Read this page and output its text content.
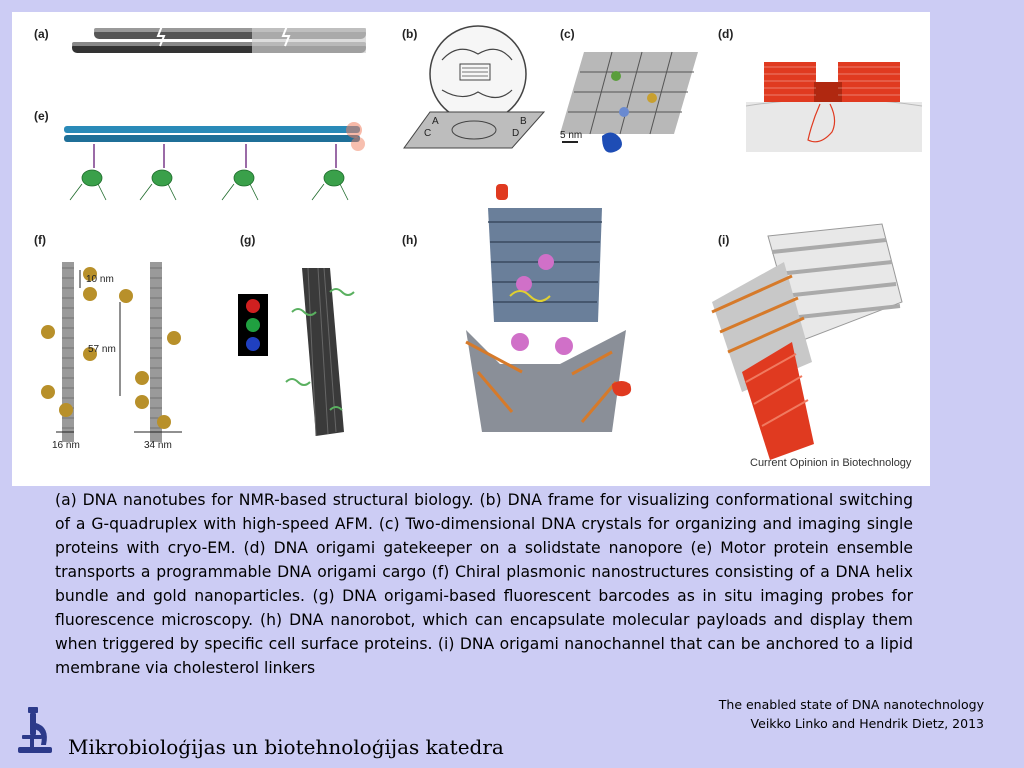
(a)	(b)	(c)	(d)
(e)
(f)	(g)	(h)	(i)
A	B
C	D	5 nm
10 nm
57 nm
16 nm	34 nm
Current Opinion in Biotechnology
(a) DNA nanotubes for NMR-based structural biology. (b) DNA frame for visualizing conformational switching of a G-quadruplex with high-speed AFM. (c) Two-dimensional DNA crystals for organizing and imaging single proteins with cryo-EM. (d) DNA origami gatekeeper on a solidstate nanopore (e) Motor protein ensemble transports a programmable DNA origami cargo (f) Chiral plasmonic nanostructures consisting of a DNA helix bundle and gold nanoparticles. (g) DNA origami-based fluorescent barcodes as in situ imaging probes for fluorescence microscopy. (h) DNA nanorobot, which can encapsulate molecular payloads and display them when triggered by specific cell surface proteins. (i) DNA origami nanochannel that can be anchored to a lipid membrane via cholesterol linkers
The enabled state of DNA nanotechnology
Veikko Linko and Hendrik Dietz, 2013
Mikrobioloģijas un biotehnoloģijas katedra
